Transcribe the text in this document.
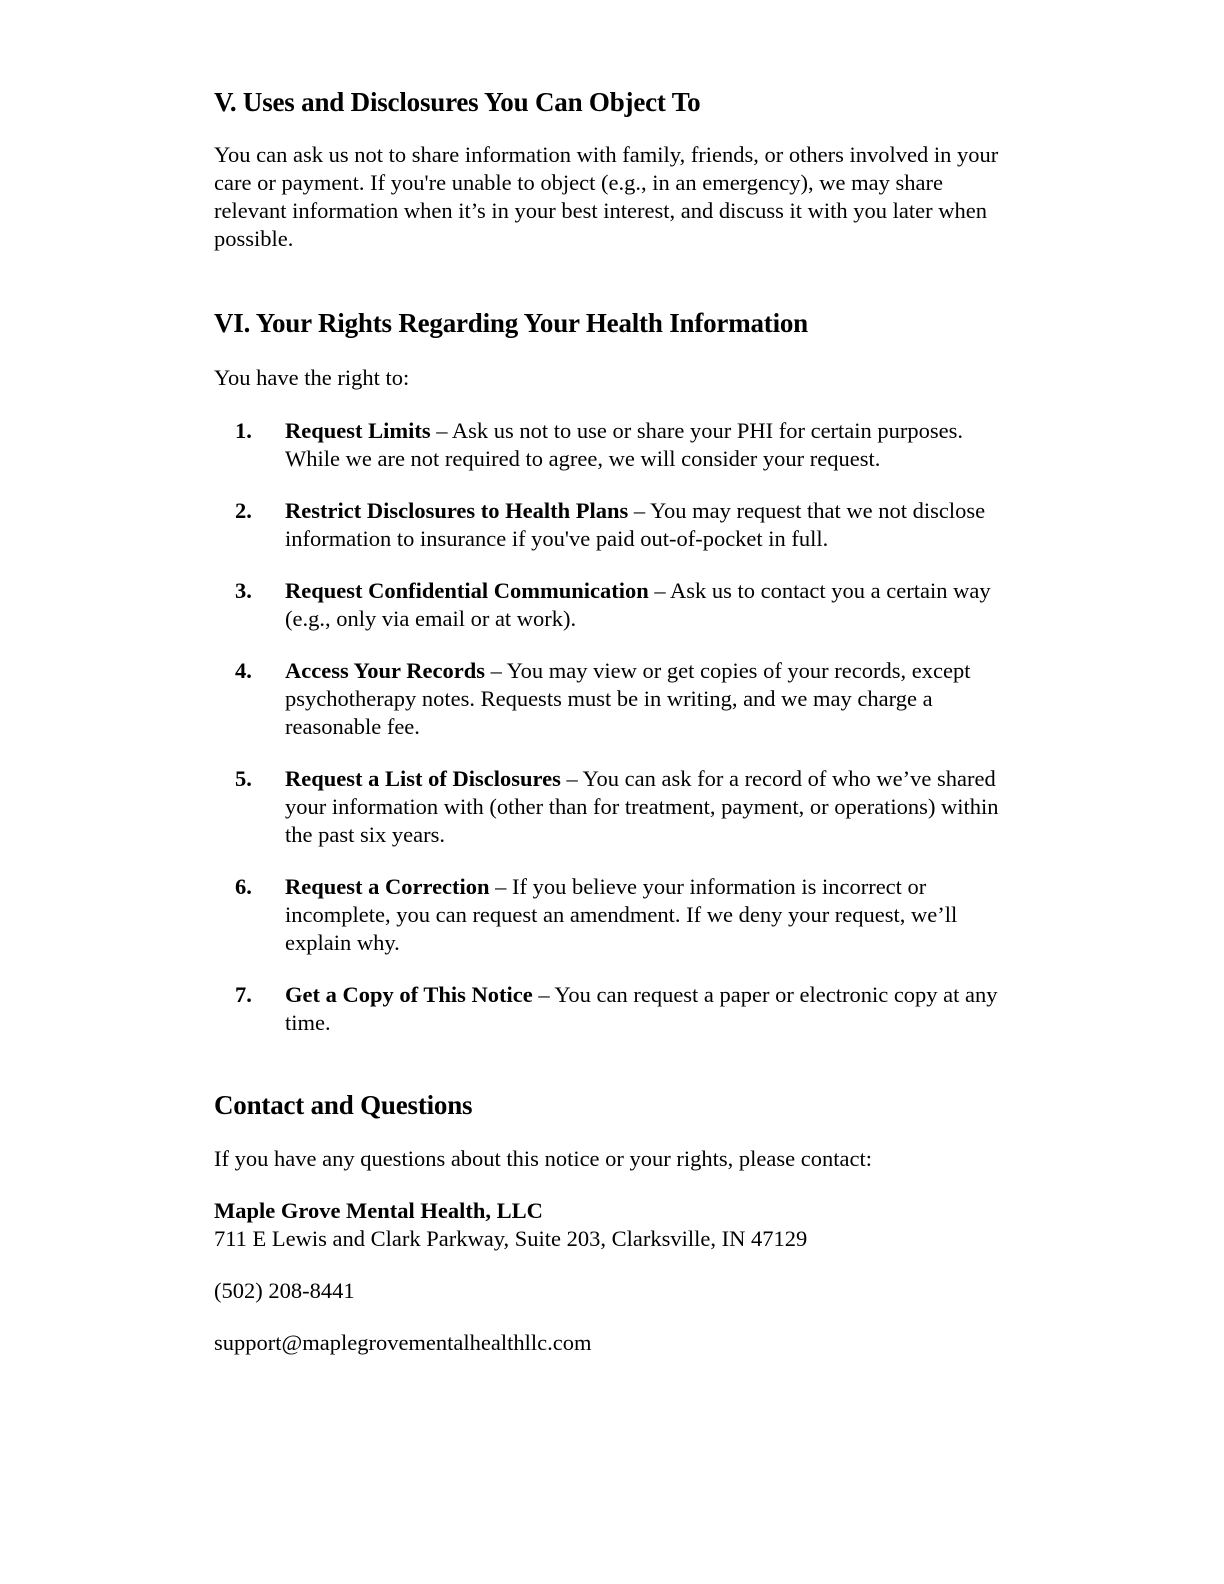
V. Uses and Disclosures You Can Object To

You can ask us not to share information with family, friends, or others involved in your care or payment. If you're unable to object (e.g., in an emergency), we may share relevant information when it’s in your best interest, and discuss it with you later when possible.

VI. Your Rights Regarding Your Health Information

You have the right to:

1. Request Limits – Ask us not to use or share your PHI for certain purposes. While we are not required to agree, we will consider your request.
2. Restrict Disclosures to Health Plans – You may request that we not disclose information to insurance if you've paid out-of-pocket in full.
3. Request Confidential Communication – Ask us to contact you a certain way (e.g., only via email or at work).
4. Access Your Records – You may view or get copies of your records, except psychotherapy notes. Requests must be in writing, and we may charge a reasonable fee.
5. Request a List of Disclosures – You can ask for a record of who we’ve shared your information with (other than for treatment, payment, or operations) within the past six years.
6. Request a Correction – If you believe your information is incorrect or incomplete, you can request an amendment. If we deny your request, we’ll explain why.
7. Get a Copy of This Notice – You can request a paper or electronic copy at any time.
Contact and Questions

If you have any questions about this notice or your rights, please contact:

Maple Grove Mental Health, LLC
711 E Lewis and Clark Parkway, Suite 203, Clarksville, IN 47129

(502) 208-8441

support@maplegrovementalhealthllc.com
